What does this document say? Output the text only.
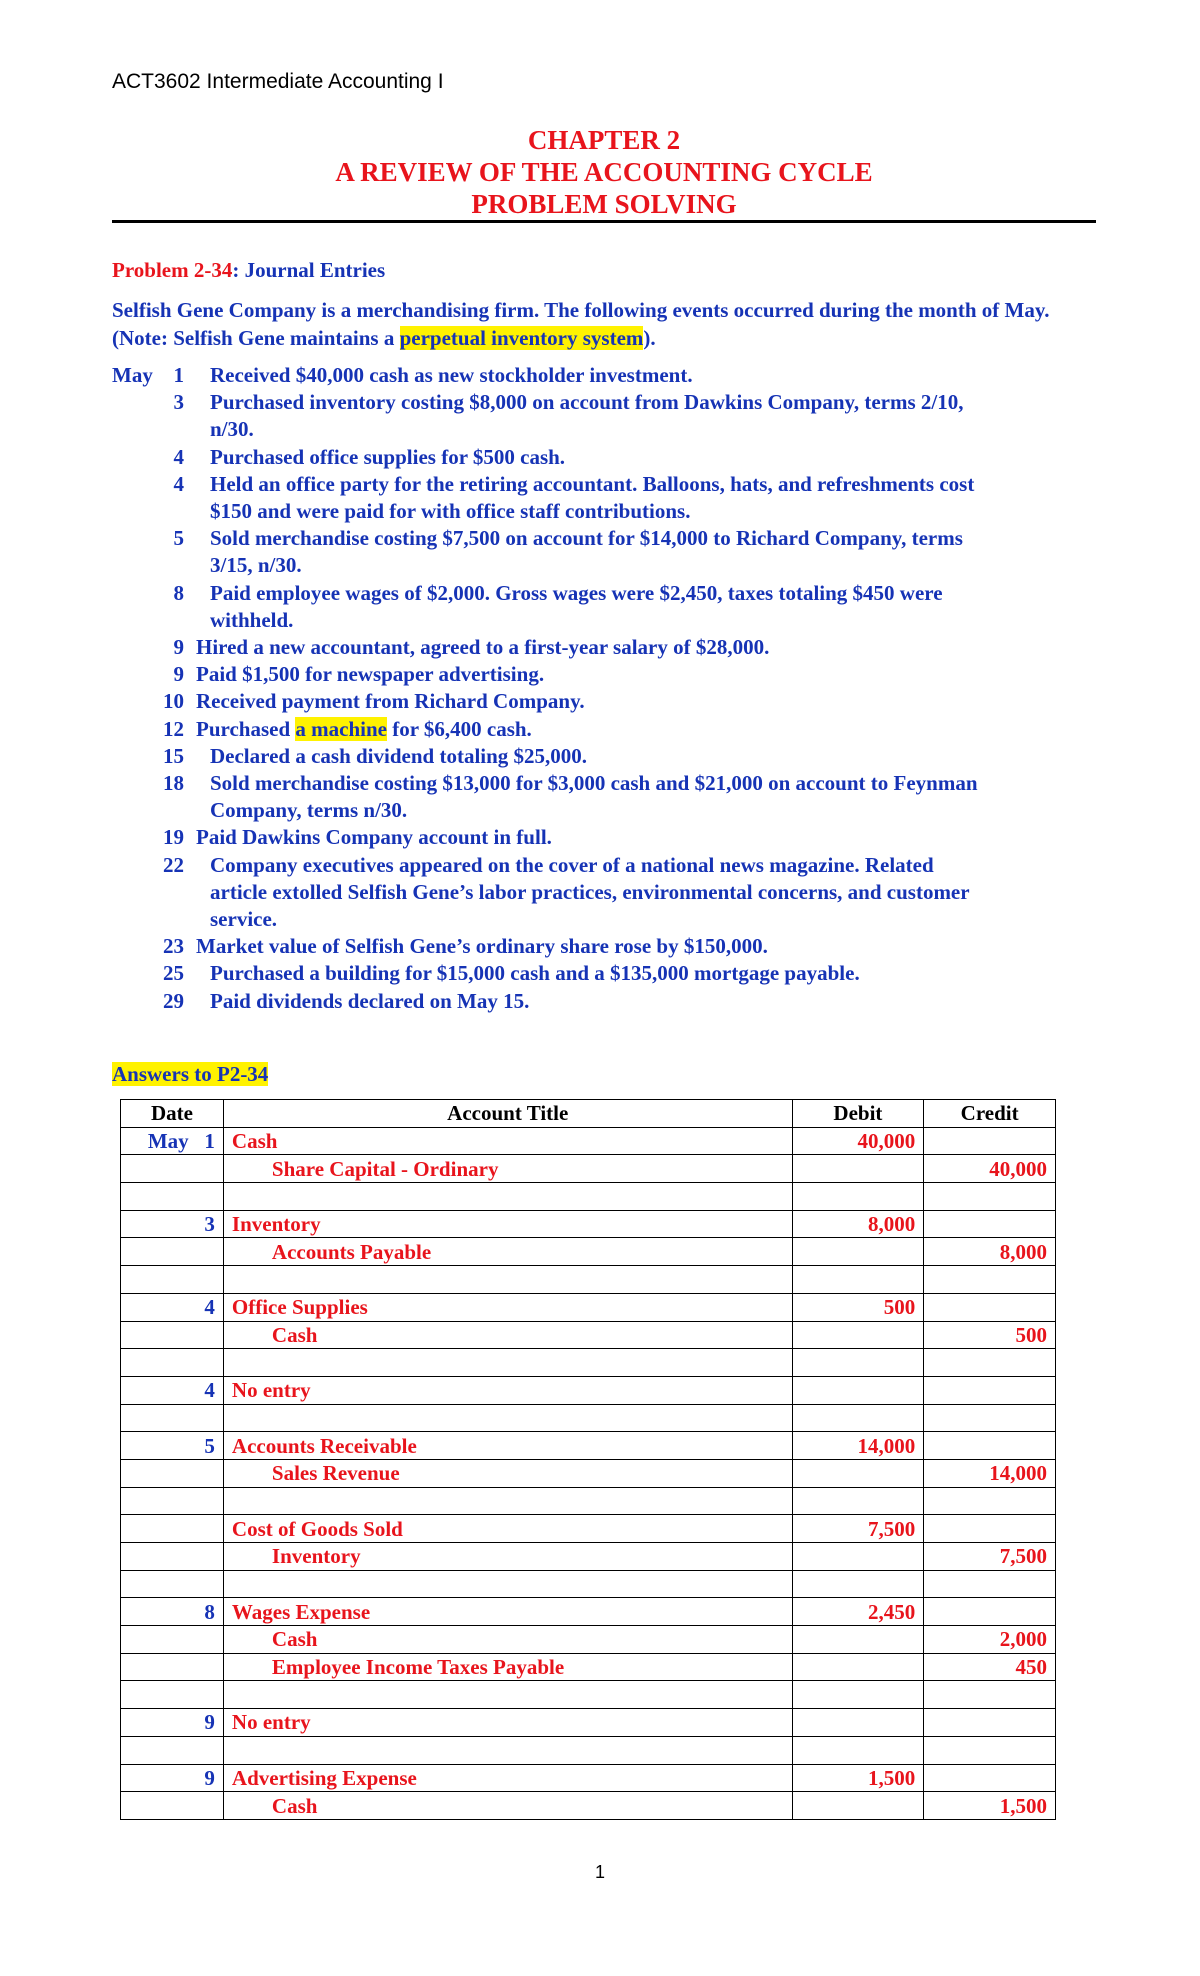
ACT3602 Intermediate Accounting I
CHAPTER 2
A REVIEW OF THE ACCOUNTING CYCLE
PROBLEM SOLVING
Problem 2-34: Journal Entries
Selfish Gene Company is a merchandising firm. The following events occurred during the month of May. (Note: Selfish Gene maintains a perpetual inventory system).
May 1 Received $40,000 cash as new stockholder investment.
3 Purchased inventory costing $8,000 on account from Dawkins Company, terms 2/10,
n/30.
4 Purchased office supplies for $500 cash.
4 Held an office party for the retiring accountant. Balloons, hats, and refreshments cost
$150 and were paid for with office staff contributions.
5 Sold merchandise costing $7,500 on account for $14,000 to Richard Company, terms
3/15, n/30.
8 Paid employee wages of $2,000. Gross wages were $2,450, taxes totaling $450 were
withheld.
9 Hired a new accountant, agreed to a first-year salary of $28,000.
9 Paid $1,500 for newspaper advertising.
10 Received payment from Richard Company.
12 Purchased a machine for $6,400 cash.
15 Declared a cash dividend totaling $25,000.
18 Sold merchandise costing $13,000 for $3,000 cash and $21,000 on account to Feynman
Company, terms n/30.
19 Paid Dawkins Company account in full.
22 Company executives appeared on the cover of a national news magazine. Related
article extolled Selfish Gene’s labor practices, environmental concerns, and customer
service.
23 Market value of Selfish Gene’s ordinary share rose by $150,000.
25 Purchased a building for $15,000 cash and a $135,000 mortgage payable.
29 Paid dividends declared on May 15.
Answers to P2-34
Date	Account Title	Debit	Credit
May   1	Cash	40,000	
	Share Capital - Ordinary		40,000

3	Inventory	8,000	
	Accounts Payable		8,000

4	Office Supplies	500	
	Cash		500

4	No entry		

5	Accounts Receivable	14,000	
	Sales Revenue		14,000

	Cost of Goods Sold	7,500	
	Inventory		7,500

8	Wages Expense	2,450	
	Cash		2,000
	Employee Income Taxes Payable		450

9	No entry		

9	Advertising Expense	1,500	
	Cash		1,500
1
